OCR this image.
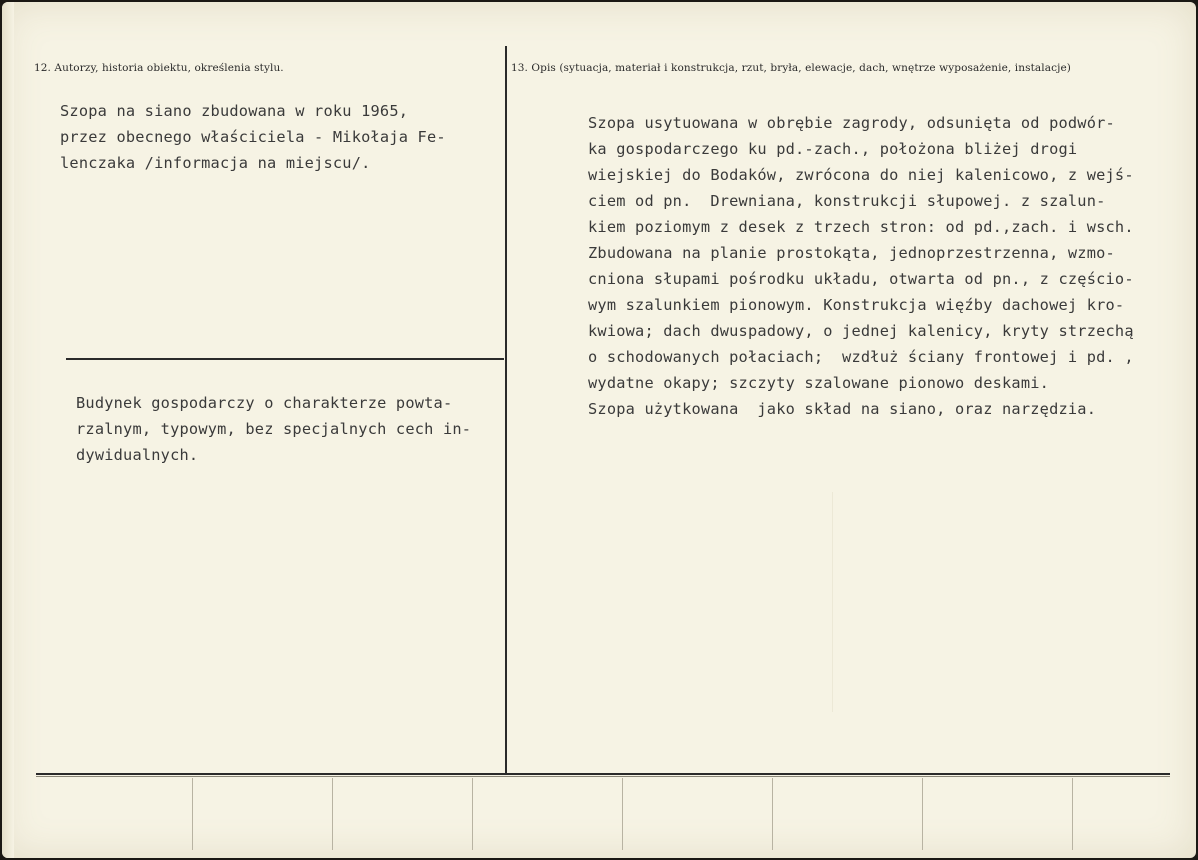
12. Autorzy, historia obiektu, określenia stylu.	13. Opis (sytuacja, materiał i konstrukcja, rzut, bryła, elewacje, dach, wnętrze wyposażenie, instalacje)
Szopa na siano zbudowana w roku 1965,
przez obecnego właściciela - Mikołaja Fe-
lenczaka /informacja na miejscu/.
Budynek gospodarczy o charakterze powta-
rzalnym, typowym, bez specjalnych cech in-
dywidualnych.
Szopa usytuowana w obrębie zagrody, odsunięta od podwór-
ka gospodarczego ku pd.-zach., położona bliżej drogi
wiejskiej do Bodaków, zwrócona do niej kalenicowo, z wejś-
ciem od pn.  Drewniana, konstrukcji słupowej. z szalun-
kiem poziomym z desek z trzech stron: od pd.,zach. i wsch.
Zbudowana na planie prostokąta, jednoprzestrzenna, wzmo-
cniona słupami pośrodku układu, otwarta od pn., z częścio-
wym szalunkiem pionowym. Konstrukcja więźby dachowej kro-
kwiowa; dach dwuspadowy, o jednej kalenicy, kryty strzechą
o schodowanych połaciach;  wzdłuż ściany frontowej i pd. ,
wydatne okapy; szczyty szalowane pionowo deskami.
Szopa użytkowana  jako skład na siano, oraz narzędzia.
